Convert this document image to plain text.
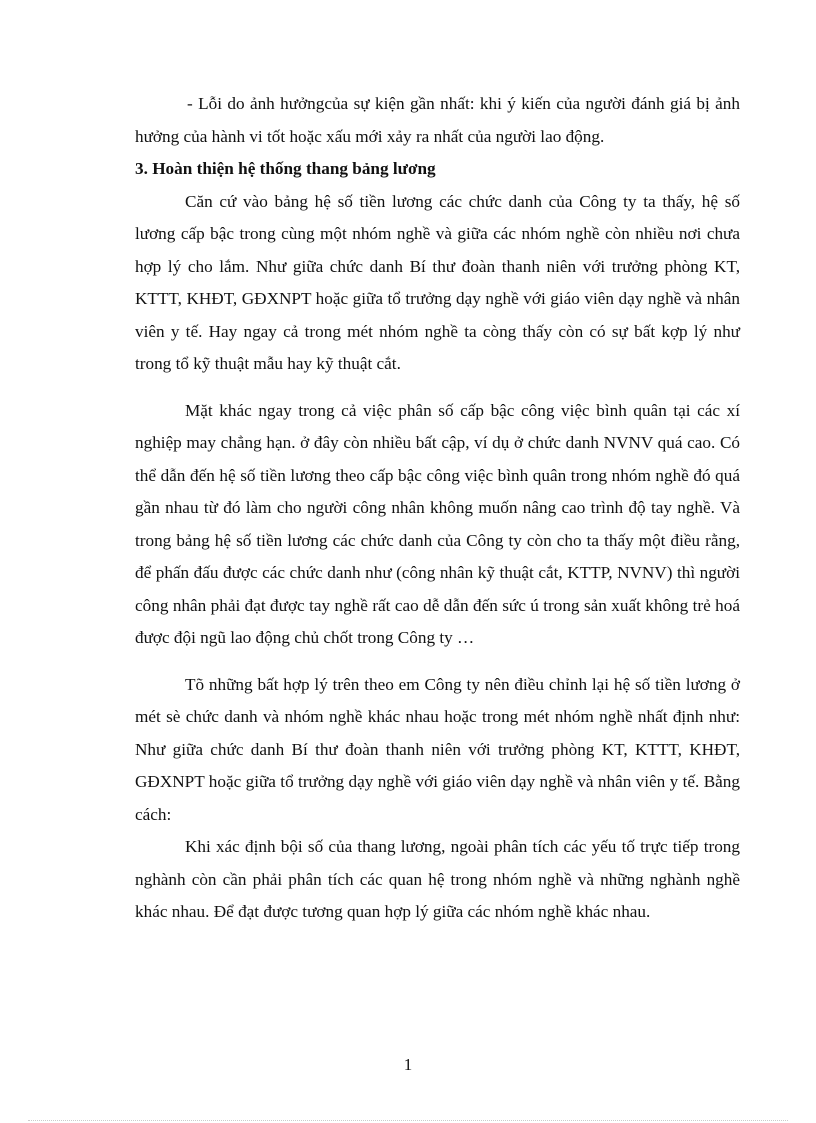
- Lỗi do ảnh hưởngcủa sự kiện gần nhất: khi ý kiến của người đánh giá bị ảnh hưởng của hành vi tốt hoặc xấu mới xảy ra nhất của người lao động.

3. Hoàn thiện hệ thống thang bảng lương

Căn cứ vào bảng hệ số tiền lương các chức danh của Công ty ta thấy, hệ số lương cấp bậc trong cùng một nhóm nghề và giữa các nhóm nghề còn nhiều nơi chưa hợp lý cho lắm. Như giữa chức danh Bí thư đoàn thanh niên với trưởng phòng KT, KTTT, KHĐT, GĐXNPT hoặc giữa tổ trưởng dạy nghề với giáo viên dạy nghề và nhân viên y tế. Hay ngay cả trong mét nhóm nghề ta còng thấy còn có sự bất kợp lý như trong tổ kỹ thuật mẫu hay kỹ thuật cắt.

Mặt khác ngay trong cả việc phân số cấp bậc công việc bình quân tại các xí nghiệp may chẳng hạn. ở đây còn nhiều bất cập, ví dụ ở chức danh NVNV quá cao. Có thể dẫn đến hệ số tiền lương theo cấp bậc công việc bình quân trong nhóm nghề đó quá gần nhau từ đó làm cho người công nhân không muốn nâng cao trình độ tay nghề. Và trong bảng hệ số tiền lương các chức danh của Công ty còn cho ta thấy một điều rằng, để phấn đấu được các chức danh như (công nhân kỹ thuật cắt, KTTP, NVNV) thì người công nhân phải đạt được tay nghề rất cao dễ dẫn đến sức ú trong sản xuất không trẻ hoá được đội ngũ lao động chủ chốt trong Công ty …

Tõ những bất hợp lý trên theo em Công ty nên điều chỉnh lại hệ số tiền lương ở mét sè chức danh và nhóm nghề khác nhau hoặc trong mét nhóm nghề nhất định như: Như giữa chức danh Bí thư đoàn thanh niên với trưởng phòng KT, KTTT, KHĐT, GĐXNPT hoặc giữa tổ trưởng dạy nghề với giáo viên dạy nghề và nhân viên y tế. Bằng cách:

Khi xác định bội số của thang lương, ngoài phân tích các yếu tố trực tiếp trong nghành còn cần phải phân tích các quan hệ trong nhóm nghề và những nghành nghề khác nhau. Để đạt được tương quan hợp lý giữa các nhóm nghề khác nhau.

1
